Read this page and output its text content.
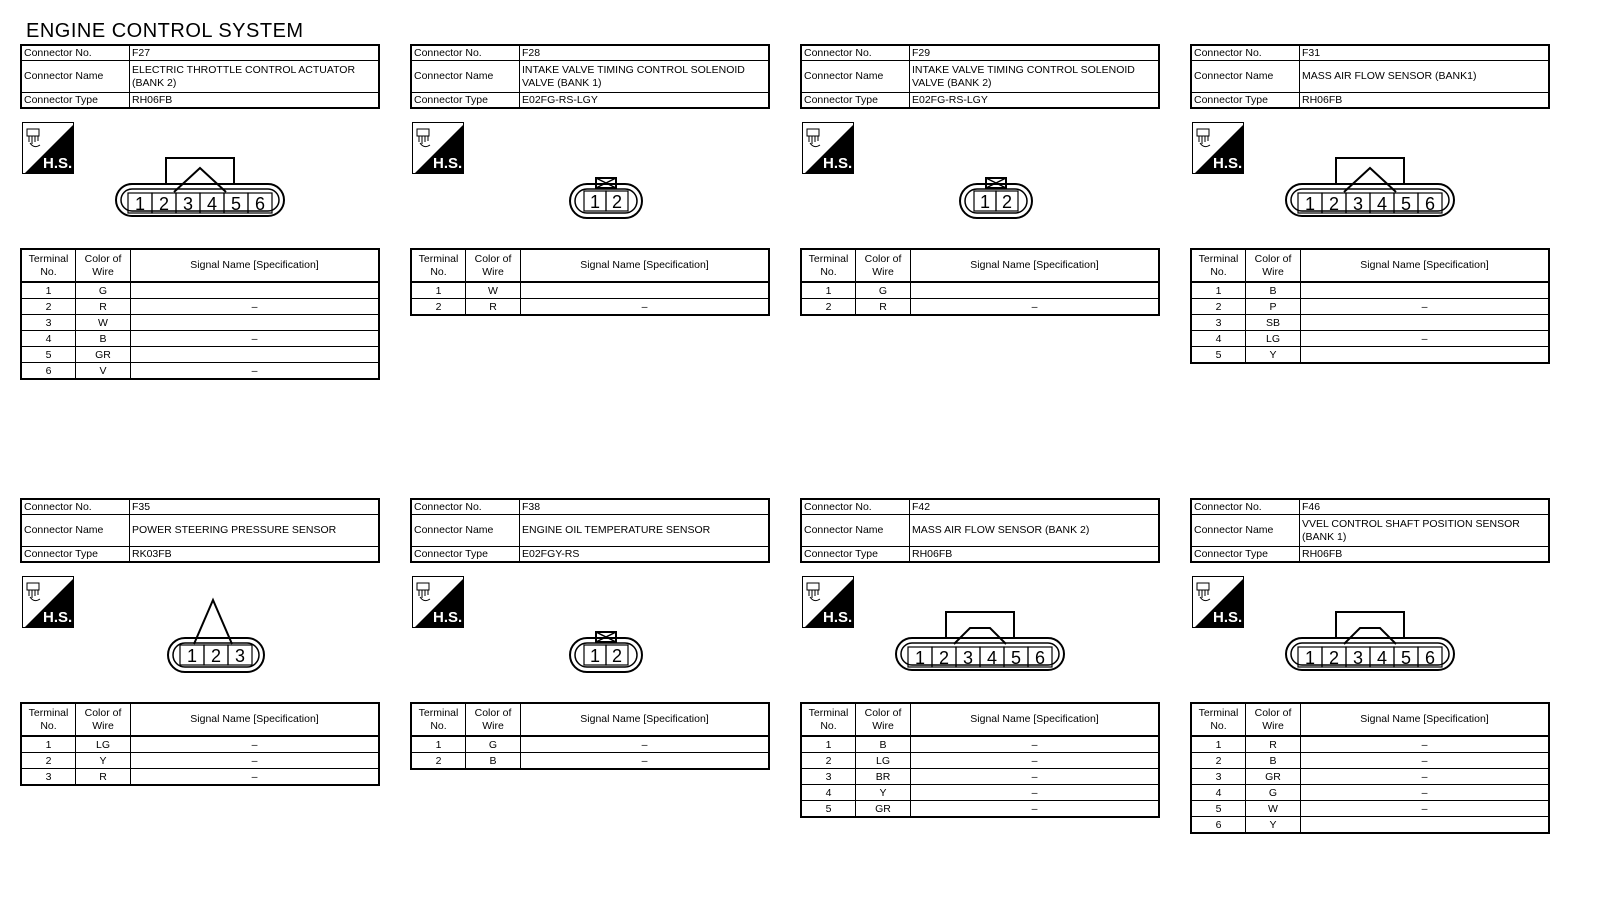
ENGINE CONTROL SYSTEM
Connector No.	F27
Connector Name	ELECTRIC THROTTLE CONTROL ACTUATOR (BANK 2)
Connector Type	RH06FB
H.S.
1 2 3 4 5 6
Terminal No.	Color of Wire	Signal Name [Specification]
1	G	
2	R	–
3	W	
4	B	–
5	GR	
6	V	–
Connector No.	F28
Connector Name	INTAKE VALVE TIMING CONTROL SOLENOID VALVE (BANK 1)
Connector Type	E02FG-RS-LGY
H.S.
1 2
Terminal No.	Color of Wire	Signal Name [Specification]
1	W	
2	R	–
Connector No.	F29
Connector Name	INTAKE VALVE TIMING CONTROL SOLENOID VALVE (BANK 2)
Connector Type	E02FG-RS-LGY
H.S.
1 2
Terminal No.	Color of Wire	Signal Name [Specification]
1	G	
2	R	–
Connector No.	F31
Connector Name	MASS AIR FLOW SENSOR (BANK1)
Connector Type	RH06FB
H.S.
1 2 3 4 5 6
Terminal No.	Color of Wire	Signal Name [Specification]
1	B	
2	P	–
3	SB	
4	LG	–
5	Y	
Connector No.	F35
Connector Name	POWER STEERING PRESSURE SENSOR
Connector Type	RK03FB
H.S.
1 2 3
Terminal No.	Color of Wire	Signal Name [Specification]
1	LG	–
2	Y	–
3	R	–
Connector No.	F38
Connector Name	ENGINE OIL TEMPERATURE SENSOR
Connector Type	E02FGY-RS
H.S.
1 2
Terminal No.	Color of Wire	Signal Name [Specification]
1	G	–
2	B	–
Connector No.	F42
Connector Name	MASS AIR FLOW SENSOR (BANK 2)
Connector Type	RH06FB
H.S.
1 2 3 4 5 6
Terminal No.	Color of Wire	Signal Name [Specification]
1	B	–
2	LG	–
3	BR	–
4	Y	–
5	GR	–
Connector No.	F46
Connector Name	VVEL CONTROL SHAFT POSITION SENSOR (BANK 1)
Connector Type	RH06FB
H.S.
1 2 3 4 5 6
Terminal No.	Color of Wire	Signal Name [Specification]
1	R	–
2	B	–
3	GR	–
4	G	–
5	W	–
6	Y	
